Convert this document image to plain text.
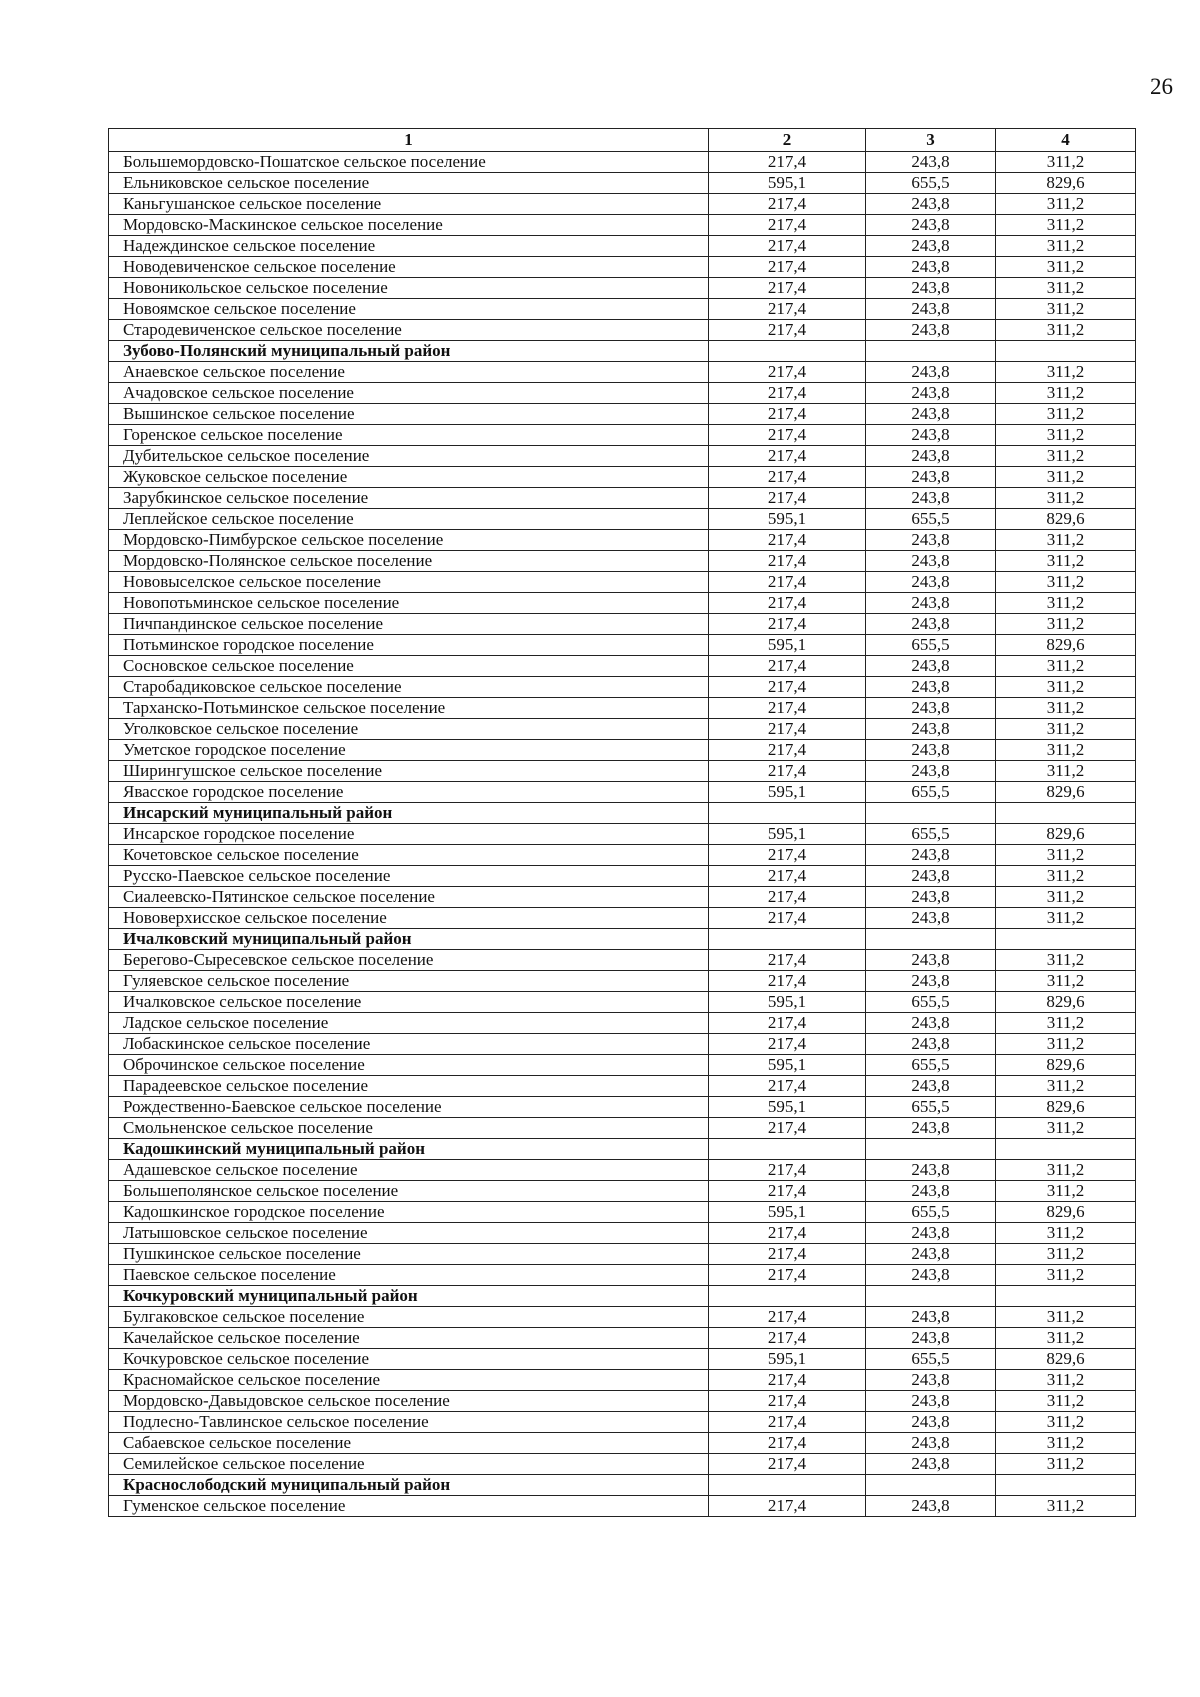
26
1	2	3	4
Большемордовско-Пошатское сельское поселение	217,4	243,8	311,2
Ельниковское сельское поселение	595,1	655,5	829,6
Каньгушанское сельское поселение	217,4	243,8	311,2
Мордовско-Маскинское сельское поселение	217,4	243,8	311,2
Надеждинское сельское поселение	217,4	243,8	311,2
Новодевиченское сельское поселение	217,4	243,8	311,2
Новоникольское сельское поселение	217,4	243,8	311,2
Новоямское сельское поселение	217,4	243,8	311,2
Стародевиченское сельское поселение	217,4	243,8	311,2
Зубово-Полянский муниципальный район			
Анаевское сельское поселение	217,4	243,8	311,2
Ачадовское сельское поселение	217,4	243,8	311,2
Вышинское сельское поселение	217,4	243,8	311,2
Горенское сельское поселение	217,4	243,8	311,2
Дубительское сельское поселение	217,4	243,8	311,2
Жуковское сельское поселение	217,4	243,8	311,2
Зарубкинское сельское поселение	217,4	243,8	311,2
Леплейское сельское поселение	595,1	655,5	829,6
Мордовско-Пимбурское сельское поселение	217,4	243,8	311,2
Мордовско-Полянское сельское поселение	217,4	243,8	311,2
Нововыселское сельское поселение	217,4	243,8	311,2
Новопотьминское сельское поселение	217,4	243,8	311,2
Пичпандинское сельское поселение	217,4	243,8	311,2
Потьминское городское поселение	595,1	655,5	829,6
Сосновское сельское поселение	217,4	243,8	311,2
Старобадиковское сельское поселение	217,4	243,8	311,2
Тарханско-Потьминское сельское поселение	217,4	243,8	311,2
Уголковское сельское поселение	217,4	243,8	311,2
Уметское городское поселение	217,4	243,8	311,2
Ширингушское сельское поселение	217,4	243,8	311,2
Явасское городское поселение	595,1	655,5	829,6
Инсарский муниципальный район			
Инсарское городское поселение	595,1	655,5	829,6
Кочетовское сельское поселение	217,4	243,8	311,2
Русско-Паевское сельское поселение	217,4	243,8	311,2
Сиалеевско-Пятинское сельское поселение	217,4	243,8	311,2
Нововерхисское сельское поселение	217,4	243,8	311,2
Ичалковский муниципальный район			
Берегово-Сыресевское сельское поселение	217,4	243,8	311,2
Гуляевское сельское поселение	217,4	243,8	311,2
Ичалковское сельское поселение	595,1	655,5	829,6
Ладское сельское поселение	217,4	243,8	311,2
Лобаскинское сельское поселение	217,4	243,8	311,2
Оброчинское сельское поселение	595,1	655,5	829,6
Парадеевское сельское поселение	217,4	243,8	311,2
Рождественно-Баевское сельское поселение	595,1	655,5	829,6
Смольненское сельское поселение	217,4	243,8	311,2
Кадошкинский муниципальный район			
Адашевское сельское поселение	217,4	243,8	311,2
Большеполянское сельское поселение	217,4	243,8	311,2
Кадошкинское городское поселение	595,1	655,5	829,6
Латышовское сельское поселение	217,4	243,8	311,2
Пушкинское сельское поселение	217,4	243,8	311,2
Паевское сельское поселение	217,4	243,8	311,2
Кочкуровский муниципальный район			
Булгаковское сельское поселение	217,4	243,8	311,2
Качелайское сельское поселение	217,4	243,8	311,2
Кочкуровское сельское поселение	595,1	655,5	829,6
Красномайское сельское поселение	217,4	243,8	311,2
Мордовско-Давыдовское сельское поселение	217,4	243,8	311,2
Подлесно-Тавлинское сельское поселение	217,4	243,8	311,2
Сабаевское сельское поселение	217,4	243,8	311,2
Семилейское сельское поселение	217,4	243,8	311,2
Краснослободский муниципальный район			
Гуменское сельское поселение	217,4	243,8	311,2
